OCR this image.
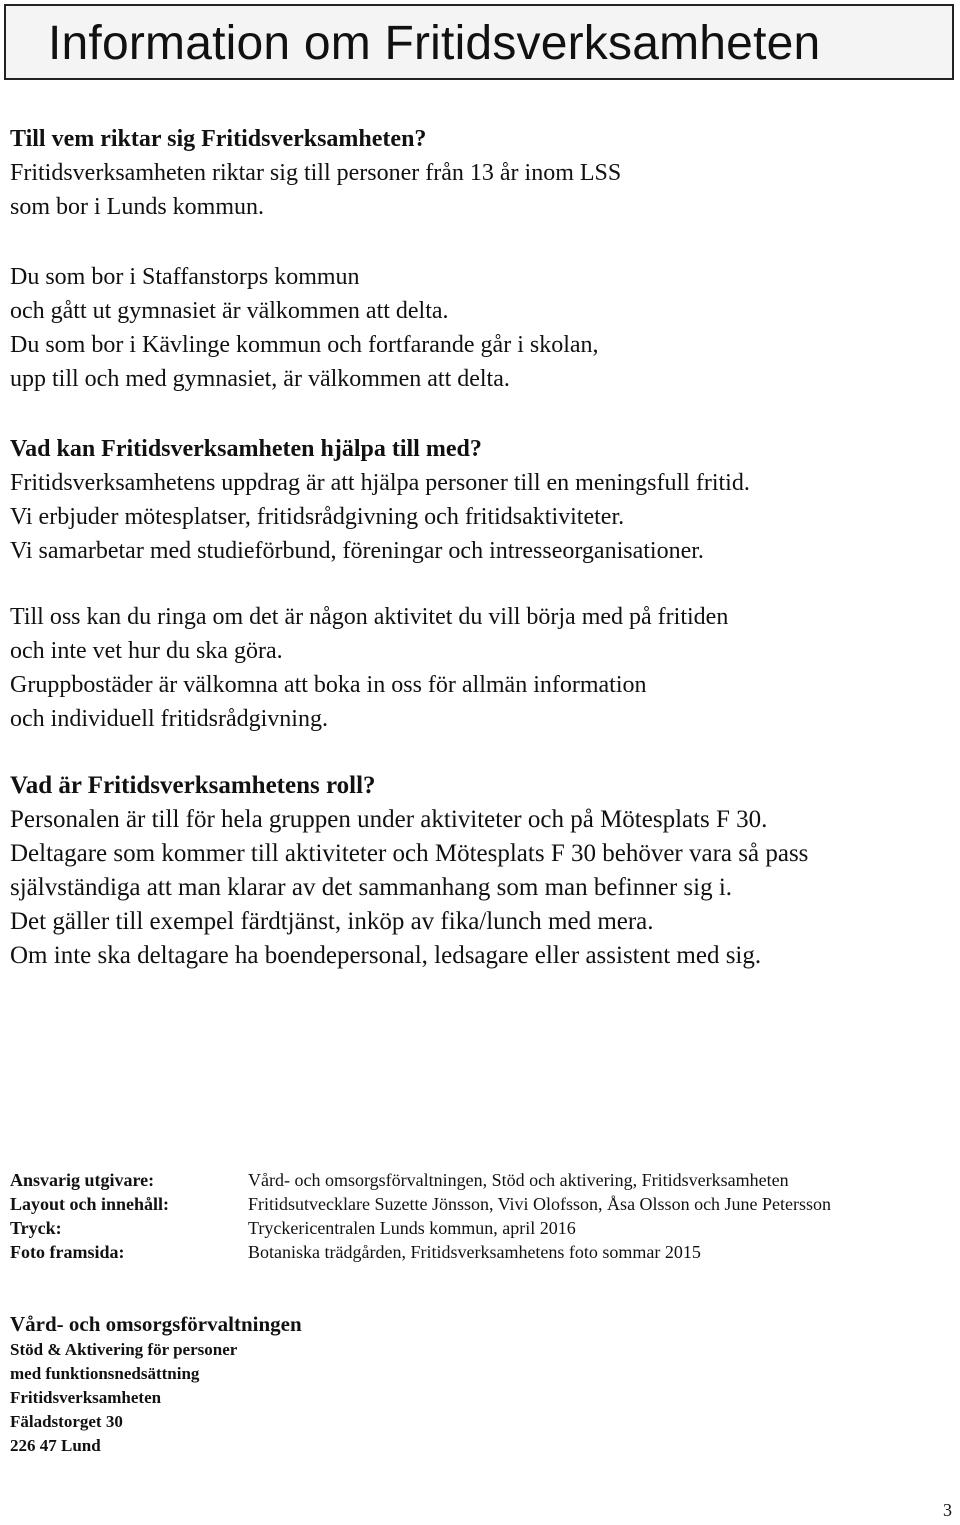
Information om Fritidsverksamheten
Till vem riktar sig Fritidsverksamheten?

Fritidsverksamheten riktar sig till personer från 13 år inom LSS

som bor i Lunds kommun.

Du som bor i Staffanstorps kommun

och gått ut gymnasiet är välkommen att delta.

Du som bor i Kävlinge kommun och fortfarande går i skolan,

upp till och med gymnasiet, är välkommen att delta.

Vad kan Fritidsverksamheten hjälpa till med?

Fritidsverksamhetens uppdrag är att hjälpa personer till en meningsfull fritid.

Vi erbjuder mötesplatser, fritidsrådgivning och fritidsaktiviteter.

Vi samarbetar med studieförbund, föreningar och intresseorganisationer.

Till oss kan du ringa om det är någon aktivitet du vill börja med på fritiden

och inte vet hur du ska göra.

Gruppbostäder är välkomna att boka in oss för allmän information

och individuell fritidsrådgivning.

Vad är Fritidsverksamhetens roll?

Personalen är till för hela gruppen under aktiviteter och på Mötesplats F 30.

Deltagare som kommer till aktiviteter och Mötesplats F 30 behöver vara så pass

självständiga att man klarar av det sammanhang som man befinner sig i.

Det gäller till exempel färdtjänst, inköp av fika/lunch med mera.

Om inte ska deltagare ha boendepersonal, ledsagare eller assistent med sig.

Ansvarig utgivare:	Vård- och omsorgsförvaltningen, Stöd och aktivering, Fritidsverksamheten
Layout och innehåll:	Fritidsutvecklare Suzette Jönsson, Vivi Olofsson, Åsa Olsson och June Petersson
Tryck:	Tryckericentralen Lunds kommun, april 2016
Foto framsida:	Botaniska trädgården, Fritidsverksamhetens foto sommar 2015
Vård- och omsorgsförvaltningen
Stöd & Aktivering för personer
med funktionsnedsättning
Fritidsverksamheten
Fäladstorget 30
226 47 Lund
3
